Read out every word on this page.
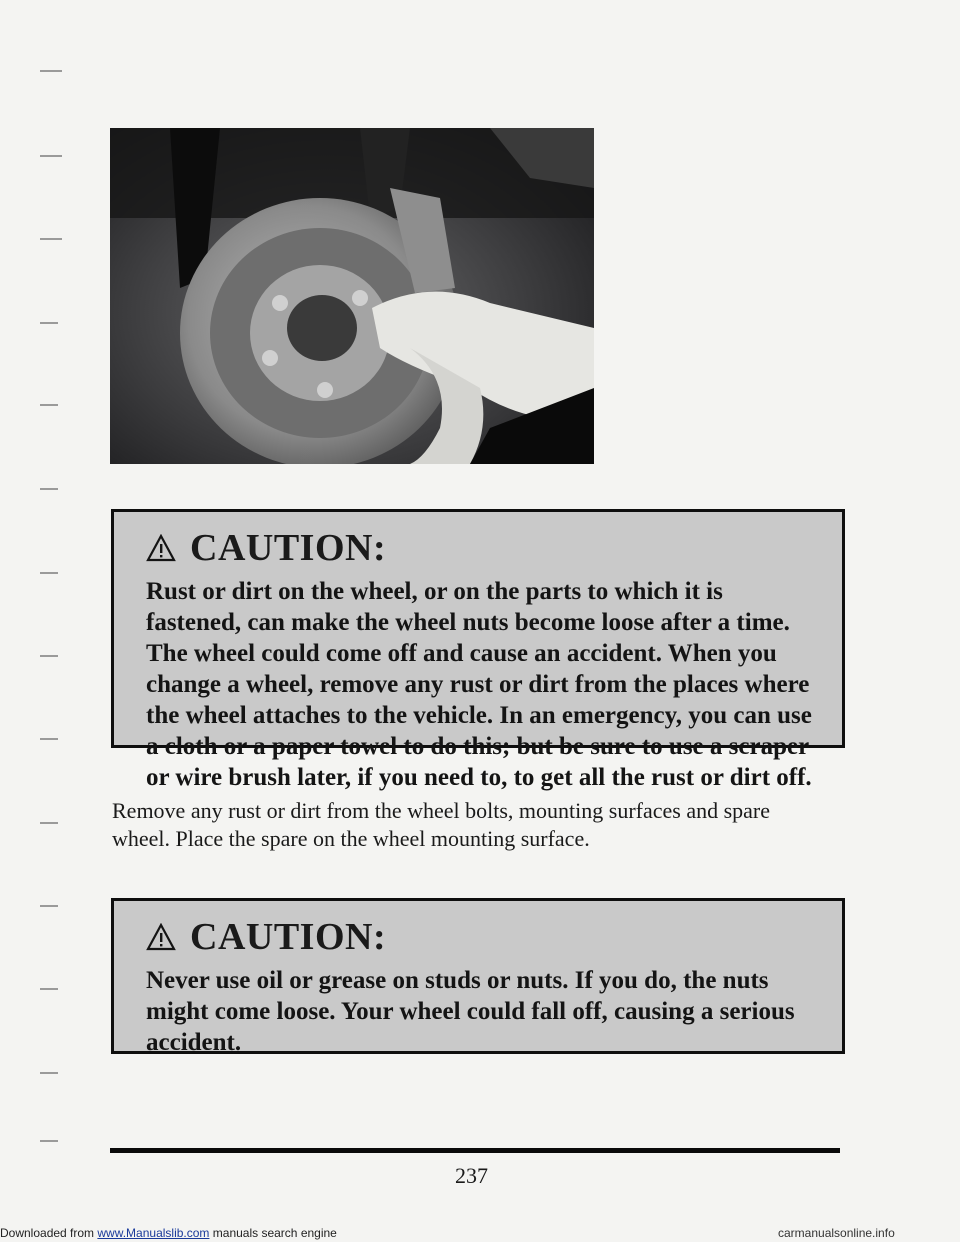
CAUTION:

Rust or dirt on the wheel, or on the parts to which it is fastened, can make the wheel nuts become loose after a time. The wheel could come off and cause an accident. When you change a wheel, remove any rust or dirt from the places where the wheel attaches to the vehicle. In an emergency, you can use a cloth or a paper towel to do this; but be sure to use a scraper or wire brush later, if you need to, to get all the rust or dirt off.

Remove any rust or dirt from the wheel bolts, mounting surfaces and spare wheel. Place the spare on the wheel mounting surface.

CAUTION:

Never use oil or grease on studs or nuts. If you do, the nuts might come loose. Your wheel could fall off, causing a serious accident.

237
Downloaded from www.Manualslib.com manuals search engine	carmanualsonline.info
